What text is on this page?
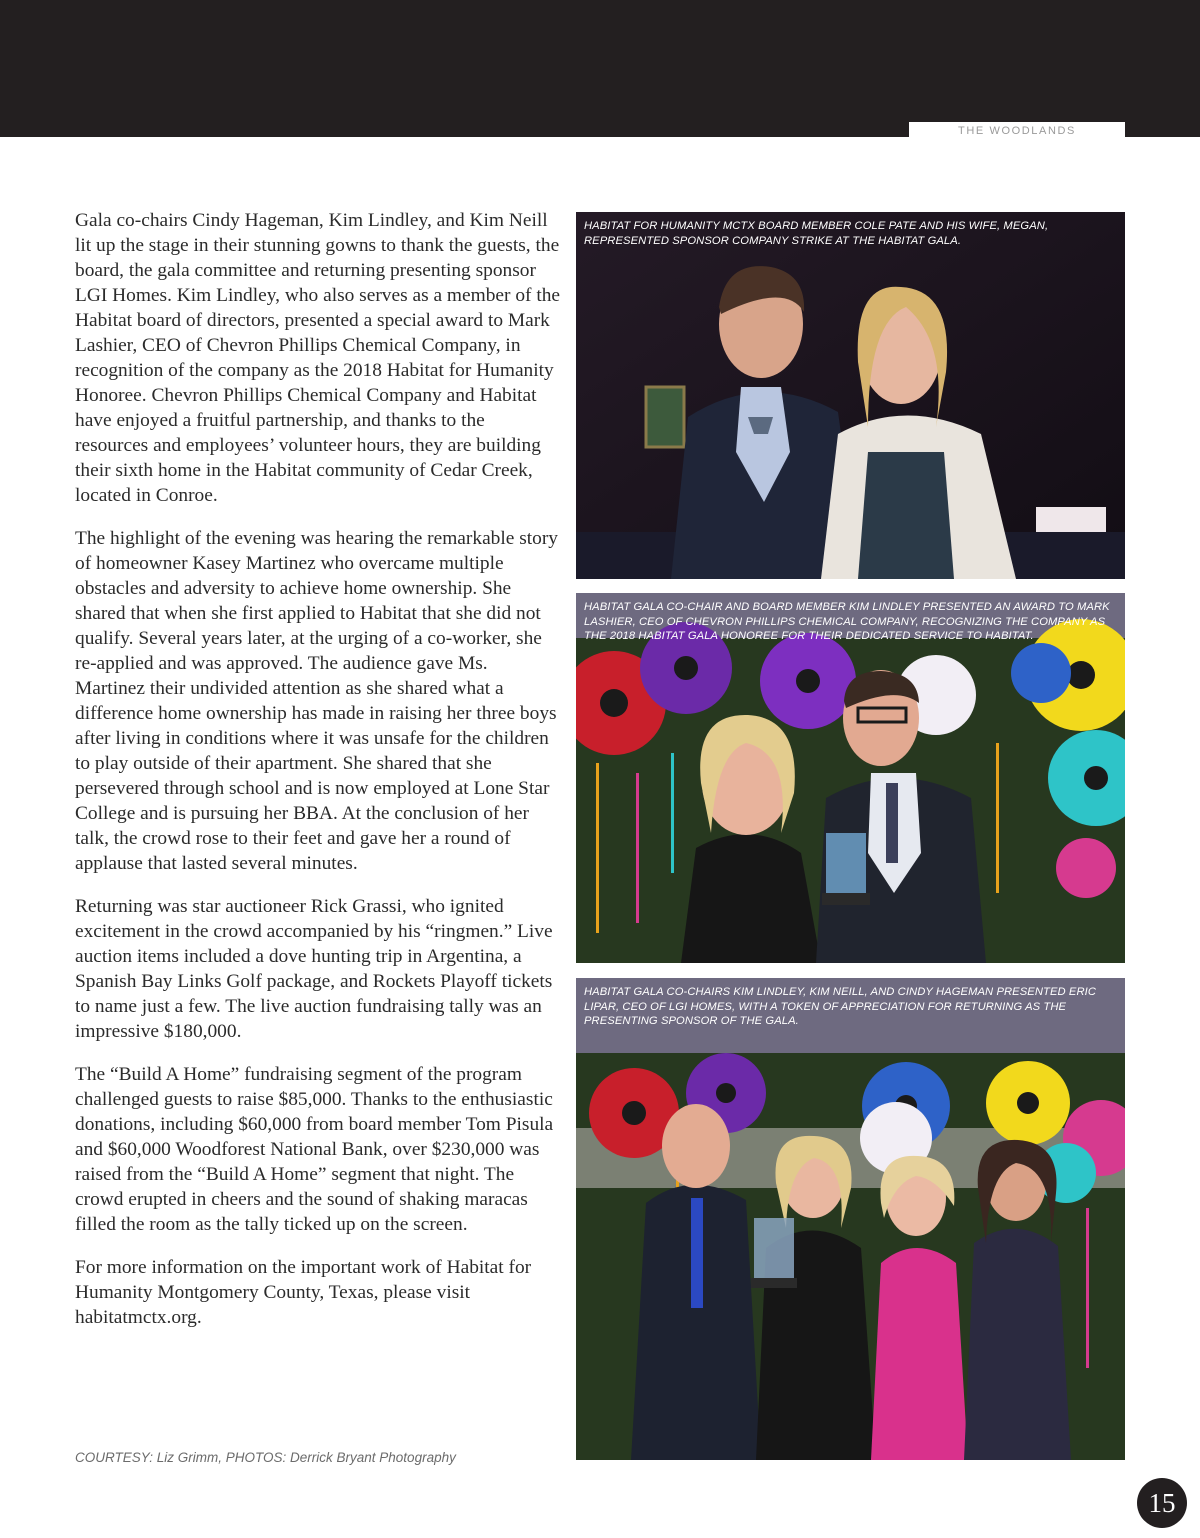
THE WOODLANDS

Gala co-chairs Cindy Hageman, Kim Lindley, and Kim Neill lit up the stage in their stunning gowns to thank the guests, the board, the gala committee and returning presenting sponsor LGI Homes. Kim Lindley, who also serves as a member of the Habitat board of directors, presented a special award to Mark Lashier, CEO of Chevron Phillips Chemical Company, in recognition of the company as the 2018 Habitat for Humanity Honoree. Chevron Phillips Chemical Company and Habitat have enjoyed a fruitful partnership, and thanks to the resources and employees’ volunteer hours, they are building their sixth home in the Habitat community of Cedar Creek, located in Conroe.

The highlight of the evening was hearing the remarkable story of homeowner Kasey Martinez who overcame multiple obstacles and adversity to achieve home ownership. She shared that when she first applied to Habitat that she did not qualify. Several years later, at the urging of a co-worker, she re-applied and was approved. The audience gave Ms. Martinez their undivided attention as she shared what a difference home ownership has made in raising her three boys after living in conditions where it was unsafe for the children to play outside of their apartment. She shared that she persevered through school and is now employed at Lone Star College and is pursuing her BBA. At the conclusion of her talk, the crowd rose to their feet and gave her a round of applause that lasted several minutes.

Returning was star auctioneer Rick Grassi, who ignited excitement in the crowd accompanied by his “ringmen.” Live auction items included a dove hunting trip in Argentina, a Spanish Bay Links Golf package, and Rockets Playoff tickets to name just a few. The live auction fundraising tally was an impressive $180,000.

The “Build A Home” fundraising segment of the program challenged guests to raise $85,000. Thanks to the enthusiastic donations, including $60,000 from board member Tom Pisula and $60,000 Woodforest National Bank, over $230,000 was raised from the “Build A Home” segment that night. The crowd erupted in cheers and the sound of shaking maracas filled the room as the tally ticked up on the screen.

For more information on the important work of Habitat for Humanity Montgomery County, Texas, please visit habitatmctx.org.

COURTESY: Liz Grimm, PHOTOS: Derrick Bryant Photography
HABITAT FOR HUMANITY MCTX BOARD MEMBER COLE PATE AND HIS WIFE, MEGAN, REPRESENTED SPONSOR COMPANY STRIKE AT THE HABITAT GALA.
HABITAT GALA CO-CHAIR AND BOARD MEMBER KIM LINDLEY PRESENTED AN AWARD TO MARK LASHIER, CEO OF CHEVRON PHILLIPS CHEMICAL COMPANY, RECOGNIZING THE COMPANY AS THE 2018 HABITAT GALA HONOREE FOR THEIR DEDICATED SERVICE TO HABITAT.
HABITAT GALA CO-CHAIRS KIM LINDLEY, KIM NEILL, AND CINDY HAGEMAN PRESENTED ERIC LIPAR, CEO OF LGI HOMES, WITH A TOKEN OF APPRECIATION FOR RETURNING AS THE PRESENTING SPONSOR OF THE GALA.
15
